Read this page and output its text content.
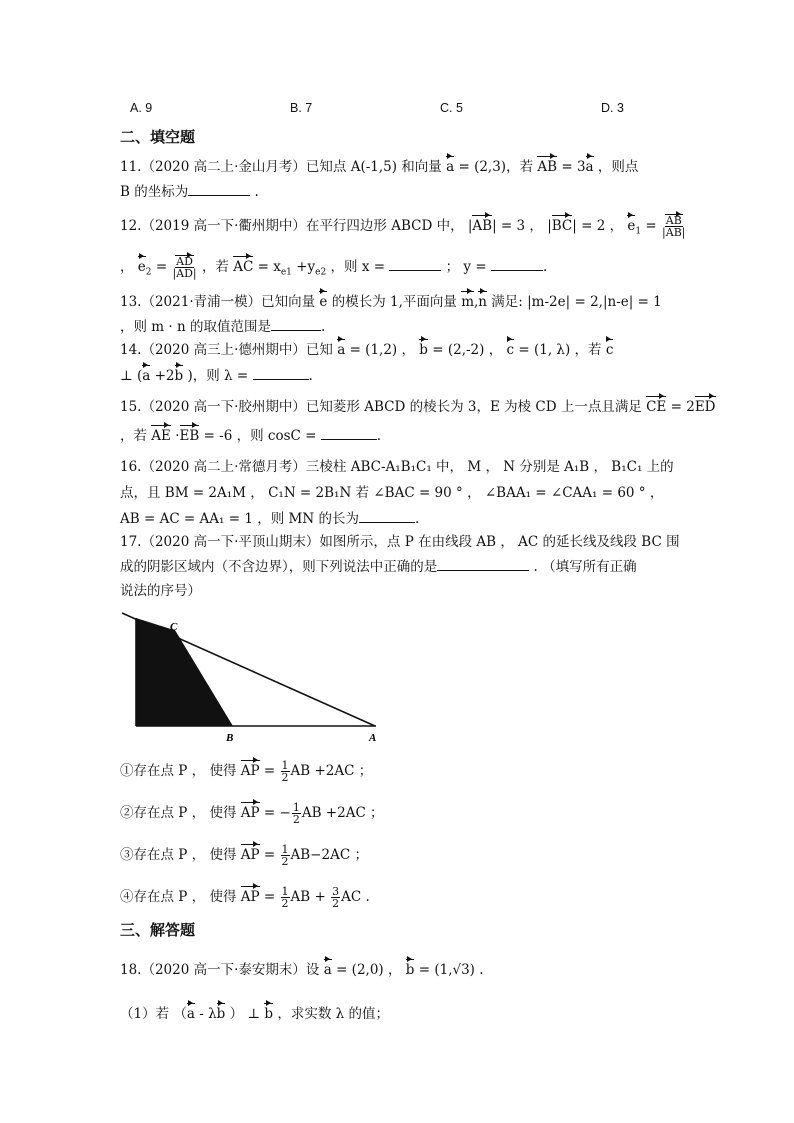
A. 9	B. 7	C. 5	D. 3
二、填空题
11.（2020 高二上·金山月考）已知点 A(-1,5) 和向量 a = (2,3)，若 AB = 3a ，则点
B 的坐标为	.
12.（2019 高一下·衢州期中）在平行四边形 ABCD 中， |AB| = 3 ， |BC| = 2 ， $e_1 = \frac{AB}{|AB|}$
， $e_2 = \frac{AD}{|AD|}$ ，若 AC = $x_{e1} +y_{e2}$ ，则 x =	； y =	.
13.（2021·青浦一模）已知向量 e 的模长为 1,平面向量 m,n 满足: |m-2e| = 2,|n-e| = 1
，则 m · n 的取值范围是	.
14.（2020 高三上·德州期中）已知 a = (1,2) ， b = (2,-2) ， c = (1, λ) ，若 c
⊥ (a +2b )，则 λ =	.
15.（2020 高一下·胶州期中）已知菱形 ABCD 的棱长为 3，E 为棱 CD 上一点且满足 CE = 2ED
，若 AE ·EB = -6 ，则 cosC =	.
16.（2020 高二上·常德月考）三棱柱 ABC-A₁B₁C₁ 中， M ， N 分别是 A₁B ， B₁C₁ 上的
点，且 BM = 2A₁M ， C₁N = 2B₁N 若 ∠BAC = 90 ° ， ∠BAA₁ = ∠CAA₁ = 60 ° ，
AB = AC = AA₁ = 1 ，则 MN 的长为	.
17.（2020 高一下·平顶山期末）如图所示，点 P 在由线段 AB ， AC 的延长线及线段 BC 围
成的阴影区域内（不含边界），则下列说法中正确的是	. （填写所有正确
说法的序号）
C
B	A
①存在点 P ， 使得 AP = $\frac{1}{2}$ AB +2AC ；
②存在点 P ， 使得 AP = − $\frac{1}{2}$ AB +2AC ；
③存在点 P ， 使得 AP = $\frac{1}{2} AB-2AC$ ；
④存在点 P ， 使得 AP = $\frac{1}{2}$ AB + $\frac{3}{2}$ AC .
三、解答题
18.（2020 高一下·泰安期末）设 a = (2,0) ， b = (1,√3) .
（1）若 （a - λb ） ⊥ b ，求实数 λ 的值；
